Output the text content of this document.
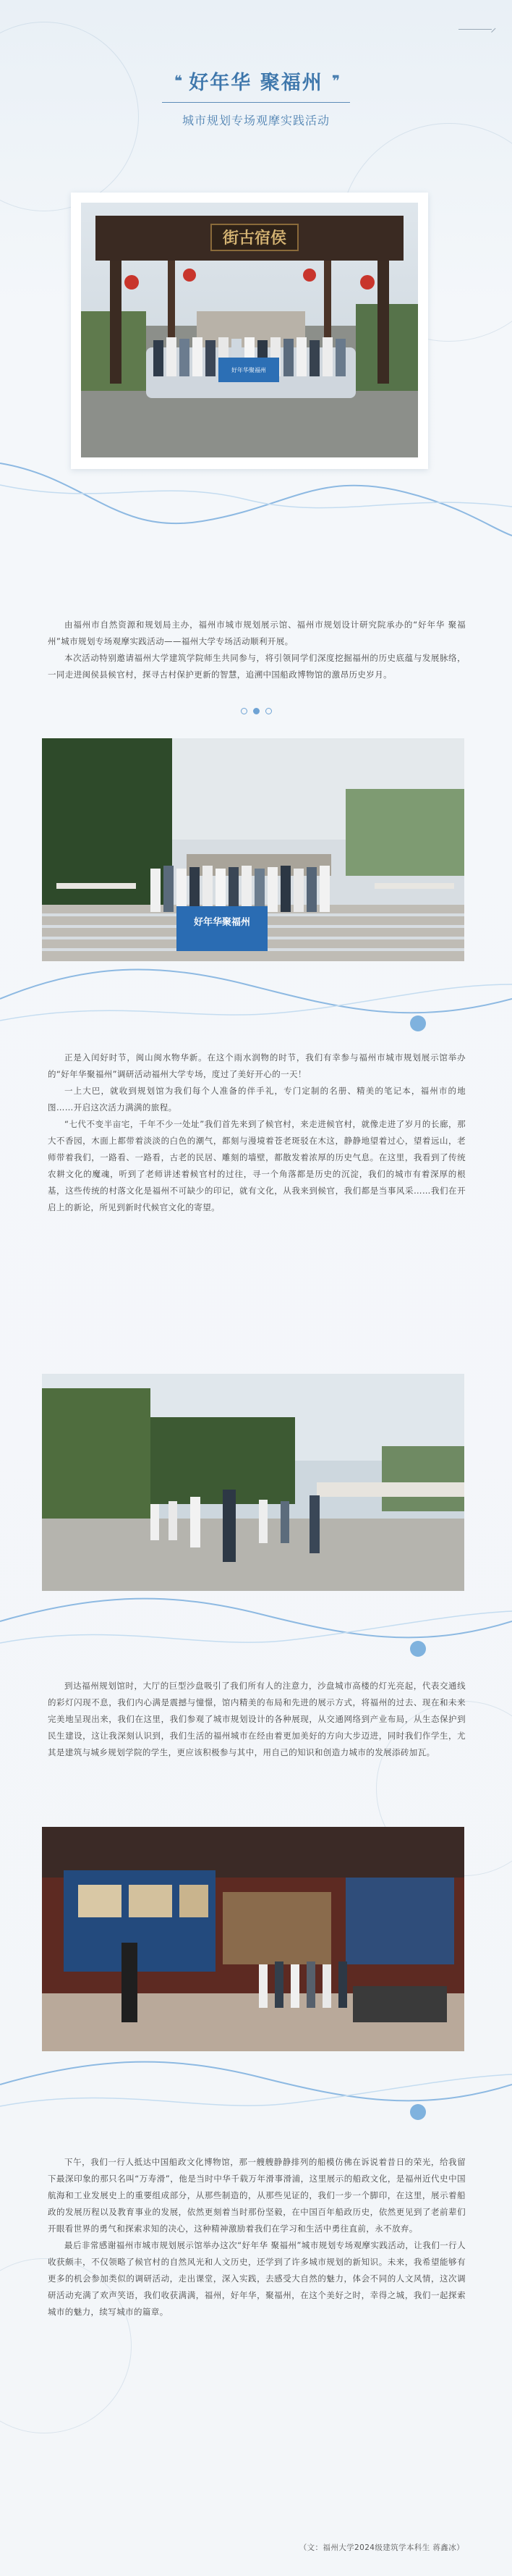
❛❛ 好年华 聚福州 ❜❜
城市规划专场观摩实践活动
街古宿侯
好年华聚福州

由福州市自然资源和规划局主办，福州市城市规划展示馆、福州市规划设计研究院承办的“好年华 聚福州”城市规划专场观摩实践活动——福州大学专场活动顺利开展。

本次活动特别邀请福州大学建筑学院师生共同参与，将引领同学们深度挖掘福州的历史底蕴与发展脉络，一同走进闽侯县候官村，探寻古村保护更新的智慧，追溯中国船政博物馆的激昂历史岁月。

好年华聚福州

正是入闰好时节，闽山闽水物华新。在这个雨水润物的时节，我们有幸参与福州市城市规划展示馆举办的“好年华聚福州”调研活动福州大学专场，度过了美好开心的一天！

一上大巴，就收到规划馆为我们每个人准备的伴手礼，专门定制的名册、精美的笔记本，福州市的地图……开启这次活力满满的旅程。

“七代不变半亩宅，千年不少一处址”我们首先来到了候官村，来走进候官村，就像走进了岁月的长廊，那大不香园，木面上都带着淡淡的白色的潮气，都刻与漫境着苍老斑驳在木这，静静地望着过心，望着远山，老师带着我们，一路看、一路看，古老的民居、雕刻的墙壁，都散发着浓厚的历史气息。在这里，我看到了传统农耕文化的魔魂，听到了老师讲述着候官村的过往，寻一个角落都是历史的沉淀，我们的城市有着深厚的根基，这些传统的村落文化是福州不可缺少的印记，就有文化，从我来到候官，我们都是当事风采……我们在开启上的新论，所见到新时代候官文化的寄望。

到达福州规划馆时，大厅的巨型沙盘吸引了我们所有人的注意力，沙盘城市高楼的灯光亮起，代表交通线的彩灯闪现不息，我们内心满是震撼与憧憬，馆内精美的布局和先进的展示方式，将福州的过去、现在和未来完美地呈现出来，我们在这里，我们参观了城市规划设计的各种展现，从交通网络到产业布局，从生态保护到民生建设，这让我深刻认识到，我们生活的福州城市在经由着更加美好的方向大步迈进，同时我们作学生，尤其是建筑与城乡规划学院的学生，更应该积极参与其中，用自己的知识和创造力城市的发展添砖加瓦。

下午，我们一行人抵达中国船政文化博物馆，那一艘艘静静排列的船模仿佛在诉说着昔日的荣光，给我留下最深印象的那只名叫“万寿滑”，他是当时中华千载万年滑事滑浦，这里展示的船政文化，是福州近代史中国航海和工业发展史上的重要组成部分，从那些制造的，从那些见证的，我们一步一个脚印，在这里，展示着船政的发展历程以及教育事业的发展，依然更刻着当时那份坚毅，在中国百年船政历史，依然更见到了老前辈们开眼看世界的勇气和探索求知的决心，这种精神激励着我们在学习和生活中勇往直前，永不放弃。

最后非常感谢福州市城市规划展示馆举办这次“好年华 聚福州”城市规划专场观摩实践活动，让我们一行人收获颇丰，不仅领略了候官村的自然风光和人文历史，还学到了许多城市规划的新知识。未来，我希望能够有更多的机会参加类似的调研活动，走出课堂，深入实践，去感受大自然的魅力，体会不同的人文风情，这次调研活动充满了欢声笑语，我们收获满满，福州，好年华，聚福州，在这个美好之时，幸得之城，我们一起探索城市的魅力，续写城市的篇章。

（文：福州大学2024级建筑学本科生 蒋鑫冰）
